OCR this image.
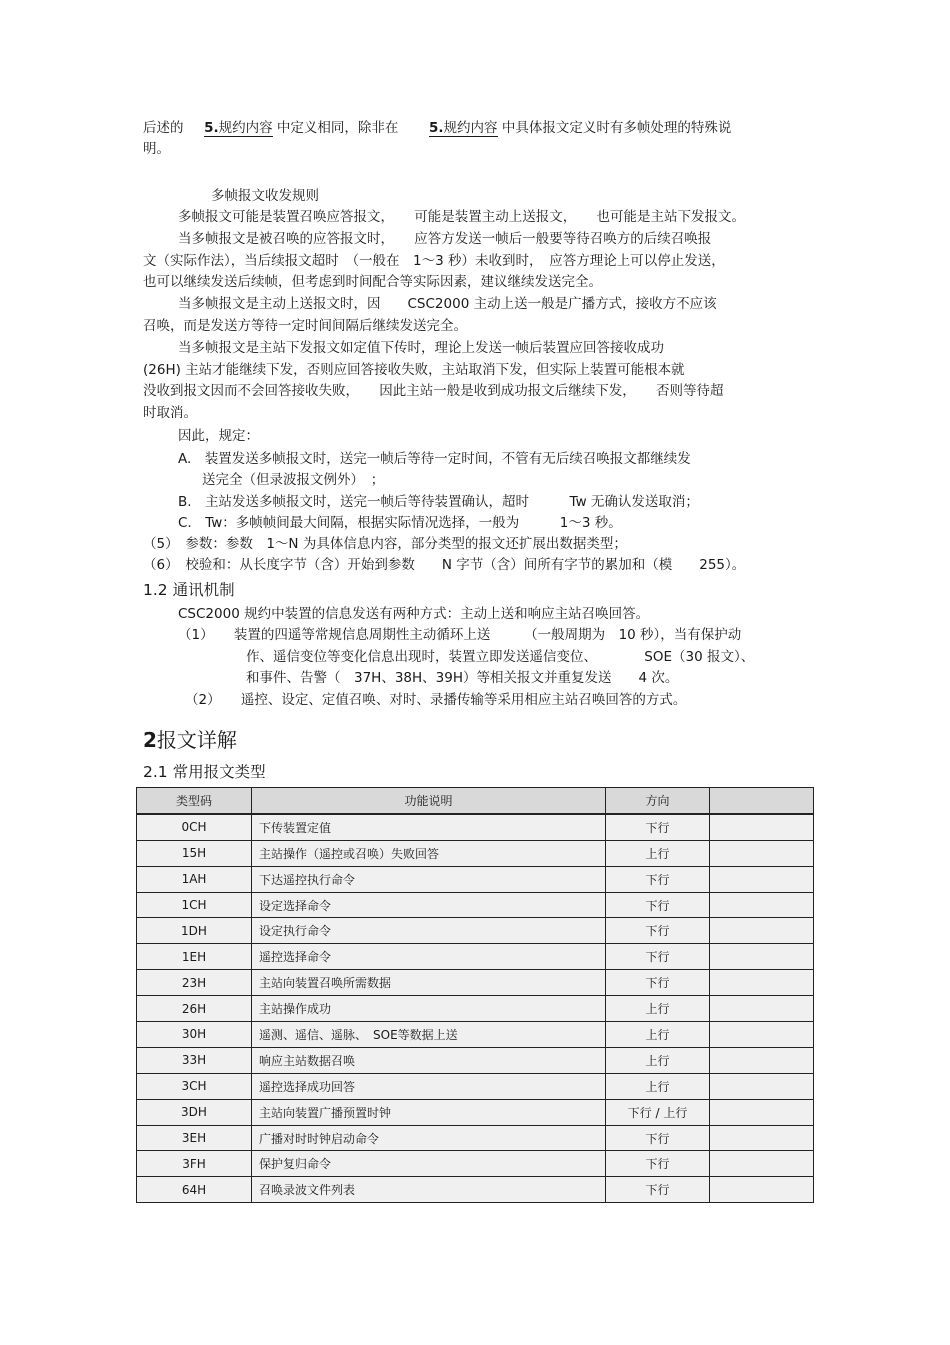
后述的 5.规约内容 中定义相同，除非在 5.规约内容 中具体报文定义时有多帧处理的特殊说
明。
多帧报文收发规则
多帧报文可能是装置召唤应答报文，　　可能是装置主动上送报文，　　也可能是主站下发报文。
当多帧报文是被召唤的应答报文时，　　应答方发送一帧后一般要等待召唤方的后续召唤报
文（实际作法），当后续报文超时　（一般在　1～3 秒）未收到时，　应答方理论上可以停止发送，
也可以继续发送后续帧，但考虑到时间配合等实际因素，建议继续发送完全。
当多帧报文是主动上送报文时，因　　CSC2000 主动上送一般是广播方式，接收方不应该
召唤，而是发送方等待一定时间间隔后继续发送完全。
当多帧报文是主站下发报文如定值下传时，理论上发送一帧后装置应回答接收成功
(26H) 主站才能继续下发，否则应回答接收失败，主站取消下发，但实际上装置可能根本就
没收到报文因而不会回答接收失败，　　因此主站一般是收到成功报文后继续下发，　　否则等待超
时取消。
因此，规定：
A.　装置发送多帧报文时，送完一帧后等待一定时间，不管有无后续召唤报文都继续发
送完全（但录波报文例外）　；
B.　主站发送多帧报文时，送完一帧后等待装置确认，超时　　　Tw 无确认发送取消；
C.　Tw：多帧帧间最大间隔，根据实际情况选择，一般为　　　1～3 秒。
（5）　参数：参数　1～N 为具体信息内容，部分类型的报文还扩展出数据类型；
（6）　校验和：从长度字节（含）开始到参数　　N 字节（含）间所有字节的累加和（模　　255）。
1.2 通讯机制
CSC2000 规约中装置的信息发送有两种方式：主动上送和响应主站召唤回答。
（1）　　装置的四遥等常规信息周期性主动循环上送　　　（一般周期为　10 秒），当有保护动
作、遥信变位等变化信息出现时，装置立即发送遥信变位、　　　　SOE（30 报文）、
和事件、告警（　37H、38H、39H）等相关报文并重复发送　　4 次。
（2）　　遥控、设定、定值召唤、对时、录播传输等采用相应主站召唤回答的方式。
2报文详解
2.1 常用报文类型
类型码	功能说明	方向	
0CH	下传装置定值	下行	
15H	主站操作（遥控或召唤）失败回答	上行	
1AH	下达遥控执行命令	下行	
1CH	设定选择命令	下行	
1DH	设定执行命令	下行	
1EH	遥控选择命令	下行	
23H	主站向装置召唤所需数据	下行	
26H	主站操作成功	上行	
30H	遥测、遥信、遥脉、　SOE等数据上送	上行	
33H	响应主站数据召唤	上行	
3CH	遥控选择成功回答	上行	
3DH	主站向装置广播预置时钟	下行 / 上行	
3EH	广播对时时钟启动命令	下行	
3FH	保护复归命令	下行	
64H	召唤录波文件列表	下行	
